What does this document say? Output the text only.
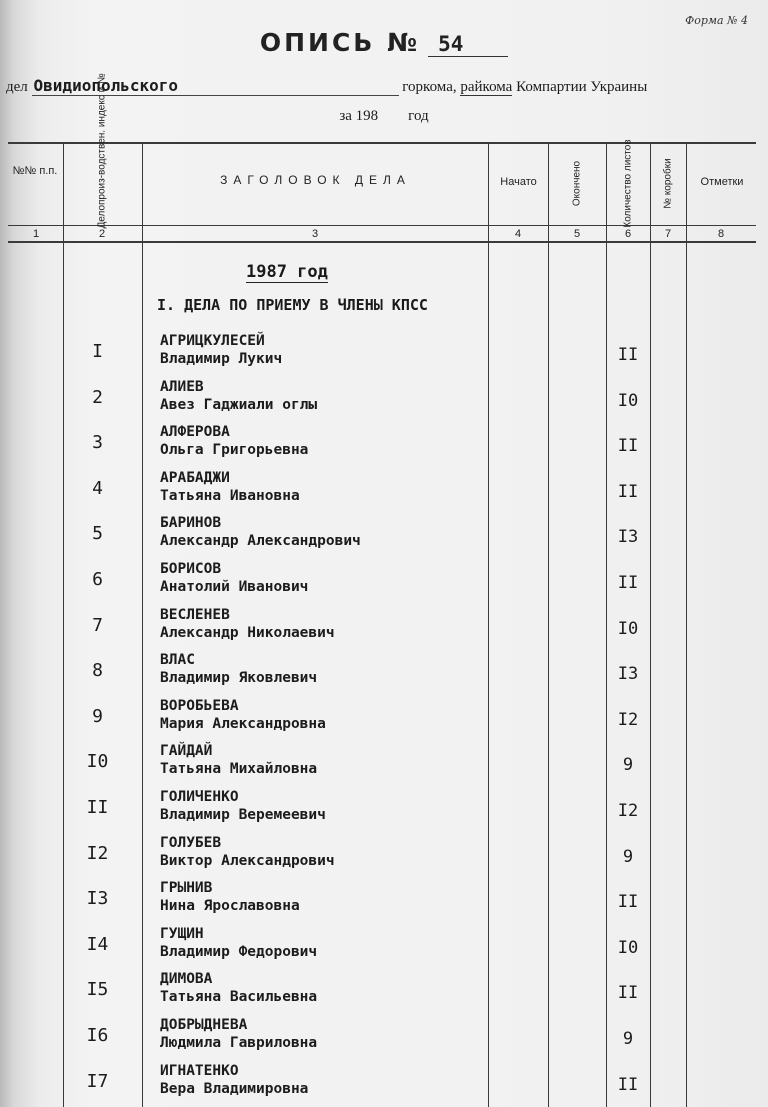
Форма № 4
ОПИСЬ № 54
дел Овидиопольского	горкома, райкома Компартии Украины
за 198 год
№№ п.п.	Делопроиз-водствен. индекс и №	ЗАГОЛОВОК ДЕЛА	Начато	Окончено	Количество листов	№ коробки	Отметки
1	2	3	4	5	6	7	8
1987 год
I. ДЕЛА ПО ПРИЕМУ В ЧЛЕНЫ КПСС
I	АГРИЦКУЛЕСЕЙ
Владимир Лукич	II
2	АЛИЕВ
Авез Гаджиали оглы	I0
3	АЛФЕРОВА
Ольга Григорьевна	II
4	АРАБАДЖИ
Татьяна Ивановна	II
5	БАРИНОВ
Александр Александрович	I3
6	БОРИСОВ
Анатолий Иванович	II
7	ВЕСЛЕНЕВ
Александр Николаевич	I0
8	ВЛАС
Владимир Яковлевич	I3
9	ВОРОБЬЕВА
Мария Александровна	I2
I0	ГАЙДАЙ
Татьяна Михайловна	9
II	ГОЛИЧЕНКО
Владимир Веремеевич	I2
I2	ГОЛУБЕВ
Виктор Александрович	9
I3	ГРЫНИВ
Нина Ярославовна	II
I4	ГУЩИН
Владимир Федорович	I0
I5	ДИМОВА
Татьяна Васильевна	II
I6	ДОБРЫДНЕВА
Людмила Гавриловна	9
I7	ИГНАТЕНКО
Вера Владимировна	II
